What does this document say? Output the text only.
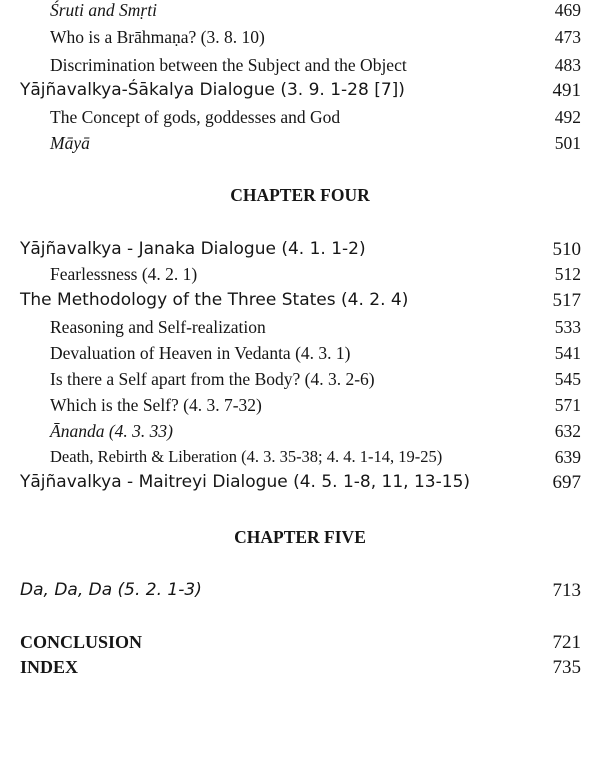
Śruti and Smṛti	469
Who is a Brāhmaṇa? (3. 8. 10)	473
Discrimination between the Subject and the Object	483
Yājñavalkya-Śākalya Dialogue (3. 9. 1-28 [7])	491
The Concept of gods, goddesses and God	492
Māyā	501
CHAPTER FOUR
Yājñavalkya - Janaka Dialogue (4. 1. 1-2)	510
Fearlessness (4. 2. 1)	512
The Methodology of the Three States (4. 2. 4)	517
Reasoning and Self-realization	533
Devaluation of Heaven in Vedanta (4. 3. 1)	541
Is there a Self apart from the Body? (4. 3. 2-6)	545
Which is the Self? (4. 3. 7-32)	571
Ānanda (4. 3. 33)	632
Death, Rebirth & Liberation (4. 3. 35-38; 4. 4. 1-14, 19-25)	639
Yājñavalkya - Maitreyi Dialogue (4. 5. 1-8, 11, 13-15)	697
CHAPTER FIVE
Da, Da, Da (5. 2. 1-3)	713
CONCLUSION	721
INDEX	735
